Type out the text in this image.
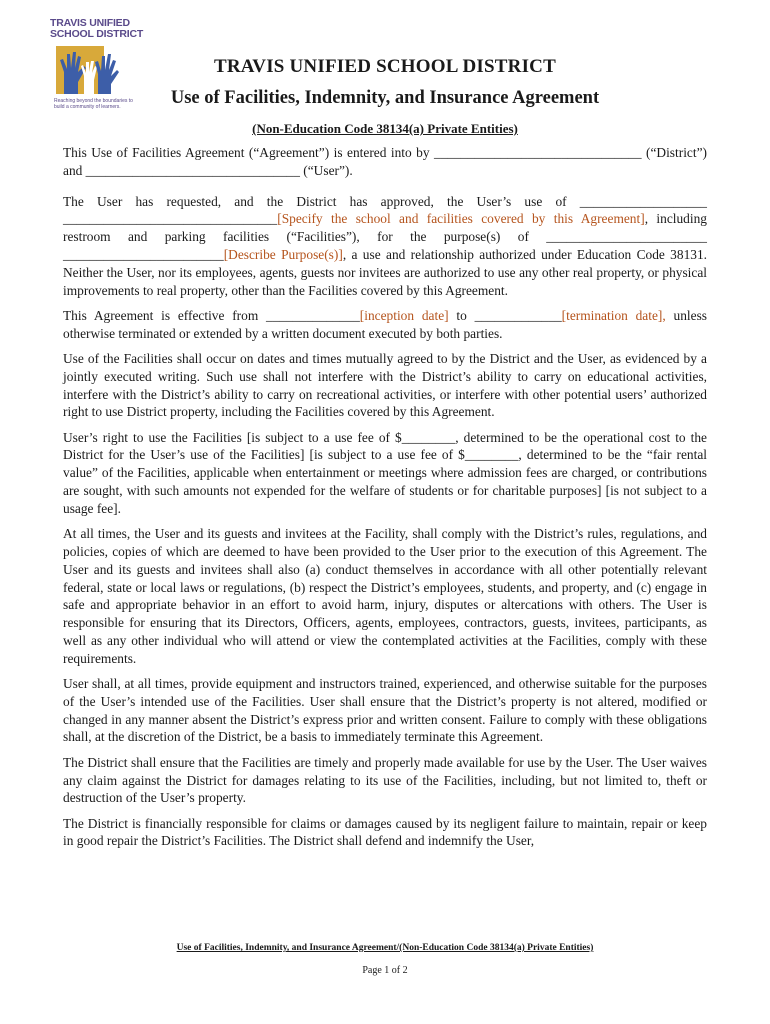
TRAVIS UNIFIED
SCHOOL DISTRICT
Reaching beyond the boundaries to build a community of learners.
TRAVIS UNIFIED SCHOOL DISTRICT
Use of Facilities, Indemnity, and Insurance Agreement
(Non-Education Code 38134(a) Private Entities)

This Use of Facilities Agreement (“Agreement”) is entered into by _______________________________ (“District”) and ________________________________ (“User”).

The User has requested, and the District has approved, the User’s use of ___________________ ________________________________[Specify the school and facilities covered by this Agreement], including restroom and parking facilities (“Facilities”), for the purpose(s) of ________________________ ________________________[Describe Purpose(s)], a use and relationship authorized under Education Code 38131. Neither the User, nor its employees, agents, guests nor invitees are authorized to use any other real property, or physical improvements to real property, other than the Facilities covered by this Agreement.

This Agreement is effective from ______________[inception date] to _____________[termination date], unless otherwise terminated or extended by a written document executed by both parties.

Use of the Facilities shall occur on dates and times mutually agreed to by the District and the User, as evidenced by a jointly executed writing. Such use shall not interfere with the District’s ability to carry on educational activities, interfere with the District’s ability to carry on recreational activities, or interfere with other potential users’ authorized right to use District property, including the Facilities covered by this Agreement.

User’s right to use the Facilities [is subject to a use fee of $________, determined to be the operational cost to the District for the User’s use of the Facilities] [is subject to a use fee of $________, determined to be the “fair rental value” of the Facilities, applicable when entertainment or meetings where admission fees are charged, or contributions are sought, with such amounts not expended for the welfare of students or for charitable purposes] [is not subject to a usage fee].

At all times, the User and its guests and invitees at the Facility, shall comply with the District’s rules, regulations, and policies, copies of which are deemed to have been provided to the User prior to the execution of this Agreement. The User and its guests and invitees shall also (a) conduct themselves in accordance with all other potentially relevant federal, state or local laws or regulations, (b) respect the District’s employees, students, and property, and (c) engage in safe and appropriate behavior in an effort to avoid harm, injury, disputes or altercations with others. The User is responsible for ensuring that its Directors, Officers, agents, employees, contractors, guests, invitees, participants, as well as any other individual who will attend or view the contemplated activities at the Facilities, comply with these requirements.

User shall, at all times, provide equipment and instructors trained, experienced, and otherwise suitable for the purposes of the User’s intended use of the Facilities. User shall ensure that the District’s property is not altered, modified or changed in any manner absent the District’s express prior and written consent. Failure to comply with these obligations shall, at the discretion of the District, be a basis to immediately terminate this Agreement.

The District shall ensure that the Facilities are timely and properly made available for use by the User. The User waives any claim against the District for damages relating to its use of the Facilities, including, but not limited to, theft or destruction of the User’s property.

The District is financially responsible for claims or damages caused by its negligent failure to maintain, repair or keep in good repair the District’s Facilities. The District shall defend and indemnify the User,

Use of Facilities, Indemnity, and Insurance Agreement/(Non-Education Code 38134(a) Private Entities)
Page 1 of 2
